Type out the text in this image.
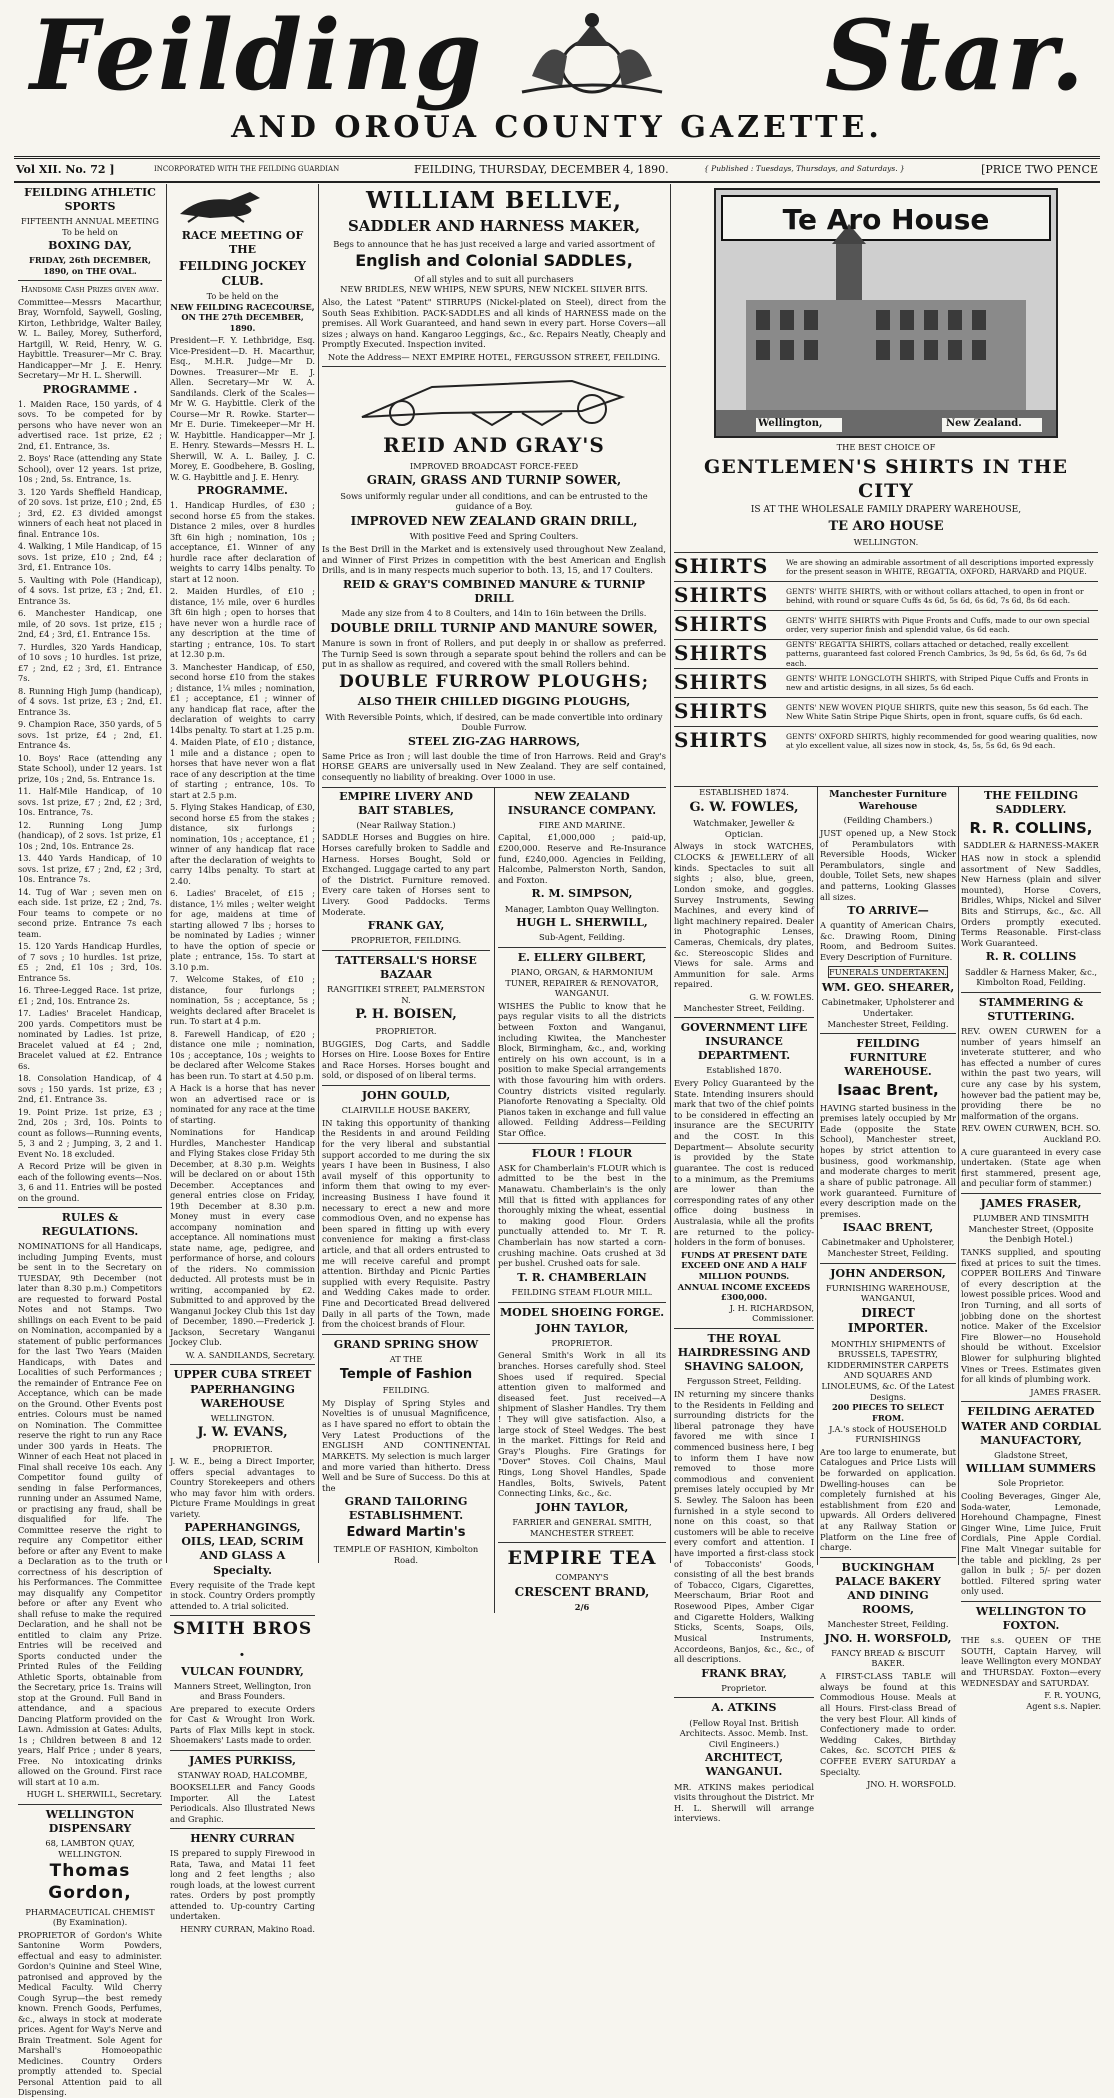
Feilding	Star.
AND OROUA COUNTY GAZETTE.
Vol XII. No. 72 ]	INCORPORATED WITH THE FEILDING GUARDIAN	FEILDING, THURSDAY, DECEMBER 4, 1890.	{ Published : Tuesdays, Thursdays, and Saturdays. }	[PRICE TWO PENCE
FEILDING ATHLETIC SPORTS
FIFTEENTH ANNUAL MEETING To be held on
BOXING DAY,
FRIDAY, 26th DECEMBER, 1890, on THE OVAL.
Handsome Cash Prizes given away.

Committee—Messrs Macarthur, Bray, Wornfold, Saywell, Gosling, Kirton, Lethbridge, Walter Bailey, W. L. Bailey, Morey, Sutherford, Hartgill, W. Reid, Henry, W. G. Haybittle. Treasurer—Mr C. Bray. Handicapper—Mr J. E. Henry. Secretary—Mr H. L. Sherwill.

PROGRAMME .

1. Maiden Race, 150 yards, of 4 sovs. To be competed for by persons who have never won an advertised race. 1st prize, £2 ; 2nd, £1. Entrance, 3s.

2. Boys' Race (attending any State School), over 12 years. 1st prize, 10s ; 2nd, 5s. Entrance, 1s.

3. 120 Yards Sheffield Handicap, of 20 sovs. 1st prize, £10 ; 2nd, £5 ; 3rd, £2. £3 divided amongst winners of each heat not placed in final. Entrance 10s.

4. Walking, 1 Mile Handicap, of 15 sovs. 1st prize, £10 ; 2nd, £4 ; 3rd, £1. Entrance 10s.

5. Vaulting with Pole (Handicap), of 4 sovs. 1st prize, £3 ; 2nd, £1. Entrance 3s.

6. Manchester Handicap, one mile, of 20 sovs. 1st prize, £15 ; 2nd, £4 ; 3rd, £1. Entrance 15s.

7. Hurdles, 320 Yards Handicap, of 10 sovs ; 10 hurdles. 1st prize, £7 ; 2nd, £2 ; 3rd, £1. Entrance 7s.

8. Running High Jump (handicap), of 4 sovs. 1st prize, £3 ; 2nd, £1. Entrance 3s.

9. Champion Race, 350 yards, of 5 sovs. 1st prize, £4 ; 2nd, £1. Entrance 4s.

10. Boys' Race (attending any State School), under 12 years. 1st prize, 10s ; 2nd, 5s. Entrance 1s.

11. Half-Mile Handicap, of 10 sovs. 1st prize, £7 ; 2nd, £2 ; 3rd, 10s. Entrance, 7s.

12. Running Long Jump (handicap), of 2 sovs. 1st prize, £1 10s ; 2nd, 10s. Entrance 2s.

13. 440 Yards Handicap, of 10 sovs. 1st prize, £7 ; 2nd, £2 ; 3rd, 10s. Entrance 7s.

14. Tug of War ; seven men on each side. 1st prize, £2 ; 2nd, 7s. Four teams to compete or no second prize. Entrance 7s each team.

15. 120 Yards Handicap Hurdles, of 7 sovs ; 10 hurdles. 1st prize, £5 ; 2nd, £1 10s ; 3rd, 10s. Entrance 5s.

16. Three-Legged Race. 1st prize, £1 ; 2nd, 10s. Entrance 2s.

17. Ladies' Bracelet Handicap, 200 yards. Competitors must be nominated by Ladies. 1st prize, Bracelet valued at £4 ; 2nd, Bracelet valued at £2. Entrance 6s.

18. Consolation Handicap, of 4 sovs ; 150 yards. 1st prize, £3 ; 2nd, £1. Entrance 3s.

19. Point Prize. 1st prize, £3 ; 2nd, 20s ; 3rd, 10s. Points to count as follows—Running events, 5, 3 and 2 ; Jumping, 3, 2 and 1. Event No. 18 excluded.

A Record Prize will be given in each of the following events—Nos. 3, 6 and 11. Entries will be posted on the ground.

RULES & REGULATIONS.

NOMINATIONS for all Handicaps, including Jumping Events, must be sent in to the Secretary on TUESDAY, 9th December (not later than 8.30 p.m.) Competitors are requested to forward Postal Notes and not Stamps. Two shillings on each Event to be paid on Nomination, accompanied by a statement of public performances for the last Two Years (Maiden Handicaps, with Dates and Localities of such Performances ; the remainder of Entrance Fee on Acceptance, which can be made on the Ground. Other Events post entries. Colours must be named on Nomination. The Committee reserve the right to run any Race under 300 yards in Heats. The Winner of each Heat not placed in Final shall receive 10s each. Any Competitor found guilty of sending in false Performances, running under an Assumed Name, or practising any fraud, shall be disqualified for life. The Committee reserve the right to require any Competitor either before or after any Event to make a Declaration as to the truth or correctness of his description of his Performances. The Committee may disqualify any Competitor before or after any Event who shall refuse to make the required Declaration, and he shall not be entitled to claim any Prize. Entries will be received and Sports conducted under the Printed Rules of the Feilding Athletic Sports, obtainable from the Secretary, price 1s. Trains will stop at the Ground. Full Band in attendance, and a spacious Dancing Platform provided on the Lawn. Admission at Gates: Adults, 1s ; Children between 8 and 12 years, Half Price ; under 8 years, Free. No intoxicating drinks allowed on the Ground. First race will start at 10 a.m.

HUGH L. SHERWILL, Secretary.
WELLINGTON DISPENSARY
68, LAMBTON QUAY, WELLINGTON.
Thomas Gordon,
PHARMACEUTICAL CHEMIST (By Examination).

PROPRIETOR of Gordon's White Santonine Worm Powders, effectual and easy to administer. Gordon's Quinine and Steel Wine, patronised and approved by the Medical Faculty. Wild Cherry Cough Syrup—the best remedy known. French Goods, Perfumes, &c., always in stock at moderate prices. Agent for Way's Nerve and Brain Treatment. Sole Agent for Marshall's Homoeopathic Medicines. Country Orders promptly attended to. Special Personal Attention paid to all Dispensing.

RACE MEETING OF THE
FEILDING JOCKEY CLUB.
To be held on the
NEW FEILDING RACECOURSE, ON THE 27th DECEMBER, 1890.

President—F. Y. Lethbridge, Esq. Vice-President—D. H. Macarthur, Esq., M.H.R. Judge—Mr D. Downes. Treasurer—Mr E. J. Allen. Secretary—Mr W. A. Sandilands. Clerk of the Scales—Mr W. G. Haybittle. Clerk of the Course—Mr R. Rowke. Starter—Mr E. Durie. Timekeeper—Mr H. W. Haybittle. Handicapper—Mr J. E. Henry. Stewards—Messrs H. L. Sherwill, W. A. L. Bailey, J. C. Morey, E. Goodbehere, B. Gosling, W. G. Haybittle and J. E. Henry.

PROGRAMME.

1. Handicap Hurdles, of £30 ; second horse £5 from the stakes. Distance 2 miles, over 8 hurdles 3ft 6in high ; nomination, 10s ; acceptance, £1. Winner of any hurdle race after declaration of weights to carry 14lbs penalty. To start at 12 noon.

2. Maiden Hurdles, of £10 ; distance, 1½ mile, over 6 hurdles 3ft 6in high ; open to horses that have never won a hurdle race of any description at the time of starting ; entrance, 10s. To start at 12.30 p.m.

3. Manchester Handicap, of £50, second horse £10 from the stakes ; distance, 1¼ miles ; nomination, £1 ; acceptance, £1 ; winner of any handicap flat race, after the declaration of weights to carry 14lbs penalty. To start at 1.25 p.m.

4. Maiden Plate, of £10 ; distance, 1 mile and a distance ; open to horses that have never won a flat race of any description at the time of starting ; entrance, 10s. To start at 2.5 p.m.

5. Flying Stakes Handicap, of £30, second horse £5 from the stakes ; distance, six furlongs ; nomination, 10s ; acceptance, £1 ; winner of any handicap flat race after the declaration of weights to carry 14lbs penalty. To start at 2.40.

6. Ladies' Bracelet, of £15 ; distance, 1½ miles ; welter weight for age, maidens at time of starting allowed 7 lbs ; horses to be nominated by Ladies ; winner to have the option of specie or plate ; entrance, 15s. To start at 3.10 p.m.

7. Welcome Stakes, of £10 ; distance, four furlongs ; nomination, 5s ; acceptance, 5s ; weights declared after Bracelet is run. To start at 4 p.m.

8. Farewell Handicap, of £20 ; distance one mile ; nomination, 10s ; acceptance, 10s ; weights to be declared after Welcome Stakes has been run. To start at 4.50 p.m.

A Hack is a horse that has never won an advertised race or is nominated for any race at the time of starting.

Nominations for Handicap Hurdles, Manchester Handicap and Flying Stakes close Friday 5th December, at 8.30 p.m. Weights will be declared on or about 15th December. Acceptances and general entries close on Friday, 19th December at 8.30 p.m. Money must in every case accompany nomination and acceptance. All nominations must state name, age, pedigree, and performance of horse, and colours of the riders. No commission deducted. All protests must be in writing, accompanied by £2. Submitted to and approved by the Wanganui Jockey Club this 1st day of December, 1890.—Frederick J. Jackson, Secretary Wanganui Jockey Club.

W. A. SANDILANDS, Secretary.
UPPER CUBA STREET PAPERHANGING WAREHOUSE
WELLINGTON.
J. W. EVANS,
PROPRIETOR.

J. W. E., being a Direct Importer, offers special advantages to Country Storekeepers and others who may favor him with orders. Picture Frame Mouldings in great variety.

PAPERHANGINGS, OILS, LEAD, SCRIM AND GLASS A Specialty.

Every requisite of the Trade kept in stock. Country Orders promptly attended to. A trial solicited.

SMITH BROS .
VULCAN FOUNDRY,
Manners Street, Wellington, Iron and Brass Founders.

Are prepared to execute Orders for Cast & Wrought Iron Work. Parts of Flax Mills kept in stock. Shoemakers' Lasts made to order.

JAMES PURKISS,
STANWAY ROAD, HALCOMBE,

BOOKSELLER and Fancy Goods Importer. All the Latest Periodicals. Also Illustrated News and Graphic.

HENRY CURRAN

IS prepared to supply Firewood in Rata, Tawa, and Matai 11 feet long and 2 feet lengths ; also rough loads, at the lowest current rates. Orders by post promptly attended to. Up-country Carting undertaken.

HENRY CURRAN, Makino Road.
WILLIAM BELLVE,
SADDLER AND HARNESS MAKER,
Begs to announce that he has just received a large and varied assortment of
English and Colonial SADDLES,
Of all styles and to suit all purchasers
NEW BRIDLES, NEW WHIPS, NEW SPURS, NEW NICKEL SILVER BITS.

Also, the Latest "Patent" STIRRUPS (Nickel-plated on Steel), direct from the South Seas Exhibition. PACK-SADDLES and all kinds of HARNESS made on the premises. All Work Guaranteed, and hand sewn in every part. Horse Covers—all sizes ; always on hand. Kangaroo Leggings, &c., &c. Repairs Neatly, Cheaply and Promptly Executed. Inspection invited.

Note the Address— NEXT EMPIRE HOTEL, FERGUSSON STREET, FEILDING.
REID AND GRAY'S
IMPROVED BROADCAST FORCE-FEED
GRAIN, GRASS AND TURNIP SOWER,
Sows uniformly regular under all conditions, and can be entrusted to the guidance of a Boy.
IMPROVED NEW ZEALAND GRAIN DRILL,
With positive Feed and Spring Coulters.

Is the Best Drill in the Market and is extensively used throughout New Zealand, and Winner of First Prizes in competition with the best American and English Drills, and is in many respects much superior to both. 13, 15, and 17 Coulters.

REID & GRAY'S COMBINED MANURE & TURNIP DRILL
Made any size from 4 to 8 Coulters, and 14in to 16in between the Drills.
DOUBLE DRILL TURNIP AND MANURE SOWER,

Manure is sown in front of Rollers, and put deeply in or shallow as preferred. The Turnip Seed is sown through a separate spout behind the rollers and can be put in as shallow as required, and covered with the small Rollers behind.

DOUBLE FURROW PLOUGHS;
ALSO THEIR CHILLED DIGGING PLOUGHS,
With Reversible Points, which, if desired, can be made convertible into ordinary Double Furrow.
STEEL ZIG-ZAG HARROWS,

Same Price as Iron ; will last double the time of Iron Harrows. Reid and Gray's HORSE GEARS are universally used in New Zealand. They are self contained, consequently no liability of breaking. Over 1000 in use.

EMPIRE LIVERY AND BAIT STABLES,
(Near Railway Station.)

SADDLE Horses and Buggies on hire. Horses carefully broken to Saddle and Harness. Horses Bought, Sold or Exchanged. Luggage carted to any part of the District. Furniture removed. Every care taken of Horses sent to Livery. Good Paddocks. Terms Moderate.

FRANK GAY,
PROPRIETOR, FEILDING.
TATTERSALL'S HORSE BAZAAR
RANGITIKEI STREET, PALMERSTON N.
P. H. BOISEN,
PROPRIETOR.

BUGGIES, Dog Carts, and Saddle Horses on Hire. Loose Boxes for Entire and Race Horses. Horses bought and sold, or disposed of on liberal terms.

JOHN GOULD,
CLAIRVILLE HOUSE BAKERY,

IN taking this opportunity of thanking the Residents in and around Feilding for the very liberal and substantial support accorded to me during the six years I have been in Business, I also avail myself of this opportunity to inform them that owing to my ever-increasing Business I have found it necessary to erect a new and more commodious Oven, and no expense has been spared in fitting up with every convenience for making a first-class article, and that all orders entrusted to me will receive careful and prompt attention. Birthday and Picnic Parties supplied with every Requisite. Pastry and Wedding Cakes made to order. Fine and Decorticated Bread delivered Daily in all parts of the Town, made from the choicest brands of Flour.

GRAND SPRING SHOW
AT THE
Temple of Fashion
FEILDING.

My Display of Spring Styles and Novelties is of unusual Magnificence, as I have spared no effort to obtain the Very Latest Productions of the ENGLISH AND CONTINENTAL MARKETS. My selection is much larger and more varied than hitherto. Dress Well and be Sure of Success. Do this at the

GRAND TAILORING ESTABLISHMENT.
Edward Martin's
TEMPLE OF FASHION, Kimbolton Road.
NEW ZEALAND INSURANCE COMPANY.
FIRE AND MARINE.

Capital, £1,000,000 ; paid-up, £200,000. Reserve and Re-Insurance fund, £240,000. Agencies in Feilding, Halcombe, Palmerston North, Sandon, and Foxton.

R. M. SIMPSON,
Manager, Lambton Quay Wellington.
HUGH L. SHERWILL,
Sub-Agent, Feilding.
E. ELLERY GILBERT,
PIANO, ORGAN, & HARMONIUM TUNER, REPAIRER & RENOVATOR, WANGANUI.

WISHES the Public to know that he pays regular visits to all the districts between Foxton and Wanganui, including Kiwitea, the Manchester Block, Birmingham, &c., and, working entirely on his own account, is in a position to make Special arrangements with those favouring him with orders. Country districts visited regularly. Pianoforte Renovating a Specialty. Old Pianos taken in exchange and full value allowed. Feilding Address—Feilding Star Office.

FLOUR ! FLOUR

ASK for Chamberlain's FLOUR which is admitted to be the best in the Manawatu. Chamberlain's is the only Mill that is fitted with appliances for thoroughly mixing the wheat, essential to making good Flour. Orders punctually attended to. Mr T. R. Chamberlain has now started a corn-crushing machine. Oats crushed at 3d per bushel. Crushed oats for sale.

T. R. CHAMBERLAIN
FEILDING STEAM FLOUR MILL.
MODEL SHOEING FORGE.
JOHN TAYLOR,
PROPRIETOR.

General Smith's Work in all its branches. Horses carefully shod. Steel Shoes used if required. Special attention given to malformed and diseased feet. Just received—A shipment of Slasher Handles. Try them ! They will give satisfaction. Also, a large stock of Steel Wedges. The best in the market. Fittings for Reid and Gray's Ploughs. Fire Gratings for "Dover" Stoves. Coil Chains, Maul Rings, Long Shovel Handles, Spade Handles, Bolts, Swivels, Patent Connecting Links, &c., &c.

JOHN TAYLOR,
FARRIER and GENERAL SMITH, MANCHESTER STREET.
EMPIRE TEA
COMPANY'S
CRESCENT BRAND,
2/6
Te Aro House
Wellington,	New Zealand.
THE BEST CHOICE OF
GENTLEMEN'S SHIRTS IN THE CITY
IS AT THE WHOLESALE FAMILY DRAPERY WAREHOUSE,
TE ARO HOUSE
WELLINGTON.
SHIRTS	We are showing an admirable assortment of all descriptions imported expressly for the present season in WHITE, REGATTA, OXFORD, HARVARD and PIQUE.
SHIRTS	GENTS' WHITE SHIRTS, with or without collars attached, to open in front or behind, with round or square Cuffs 4s 6d, 5s 6d, 6s 6d, 7s 6d, 8s 6d each.
SHIRTS	GENTS' WHITE SHIRTS with Pique Fronts and Cuffs, made to our own special order, very superior finish and splendid value, 6s 6d each.
SHIRTS	GENTS' REGATTA SHIRTS, collars attached or detached, really excellent patterns, guaranteed fast colored French Cambrics, 3s 9d, 5s 6d, 6s 6d, 7s 6d each.
SHIRTS	GENTS' WHITE LONGCLOTH SHIRTS, with Striped Pique Cuffs and Fronts in new and artistic designs, in all sizes, 5s 6d each.
SHIRTS	GENTS' NEW WOVEN PIQUE SHIRTS, quite new this season, 5s 6d each. The New White Satin Stripe Pique Shirts, open in front, square cuffs, 6s 6d each.
SHIRTS	GENTS' OXFORD SHIRTS, highly recommended for good wearing qualities, now at ylo excellent value, all sizes now in stock, 4s, 5s, 5s 6d, 6s 9d each.
ESTABLISHED 1874.
G. W. FOWLES,
Watchmaker, Jeweller & Optician.

Always in stock WATCHES, CLOCKS & JEWELLERY of all kinds. Spectacles to suit all sights ; also, blue, green, London smoke, and goggles. Survey Instruments, Sewing Machines, and every kind of light machinery repaired. Dealer in Photographic Lenses, Cameras, Chemicals, dry plates, &c. Stereoscopic Slides and Views for sale. Arms and Ammunition for sale. Arms repaired.

G. W. FOWLES.
Manchester Street, Feilding.
GOVERNMENT LIFE INSURANCE DEPARTMENT.
Established 1870.

Every Policy Guaranteed by the State. Intending insurers should mark that two of the chief points to be considered in effecting an insurance are the SECURITY and the COST. In this Department— Absolute security is provided by the State guarantee. The cost is reduced to a minimum, as the Premiums are lower than the corresponding rates of any other office doing business in Australasia, while all the profits are returned to the policy-holders in the form of bonuses.

FUNDS AT PRESENT DATE EXCEED ONE AND A HALF MILLION POUNDS.
ANNUAL INCOME EXCEEDS £300,000.
J. H. RICHARDSON, Commissioner.
THE ROYAL HAIRDRESSING AND SHAVING SALOON,
Fergusson Street, Feilding.

IN returning my sincere thanks to the Residents in Feilding and surrounding districts for the liberal patronage they have favored me with since I commenced business here, I beg to inform them I have now removed to those more commodious and convenient premises lately occupied by Mr S. Sewley. The Saloon has been furnished in a style second to none on this coast, so that customers will be able to receive every comfort and attention. I have imported a first-class stock of Tobacconists' Goods, consisting of all the best brands of Tobacco, Cigars, Cigarettes, Meerschaum, Briar Root and Rosewood Pipes, Amber Cigar and Cigarette Holders, Walking Sticks, Scents, Soaps, Oils, Musical Instruments, Accordeons, Banjos, &c., &c., of all descriptions.

FRANK BRAY,
Proprietor.
A. ATKINS
(Fellow Royal Inst. British Architects. Assoc. Memb. Inst. Civil Engineers.)
ARCHITECT, WANGANUI.

MR. ATKINS makes periodical visits throughout the District. Mr H. L. Sherwill will arrange interviews.

Manchester Furniture Warehouse
(Feilding Chambers.)

JUST opened up, a New Stock of Perambulators with Reversible Hoods, Wicker Perambulators, single and double, Toilet Sets, new shapes and patterns, Looking Glasses all sizes.

TO ARRIVE—

A quantity of American Chairs, &c. Drawing Room, Dining Room, and Bedroom Suites. Every Description of Furniture.

FUNERALS UNDERTAKEN.
WM. GEO. SHEARER,
Cabinetmaker, Upholsterer and Undertaker.
Manchester Street, Feilding.
FEILDING FURNITURE WAREHOUSE.
Isaac Brent,

HAVING started business in the premises lately occupied by Mr Eade (opposite the State School), Manchester street, hopes by strict attention to business, good workmanship, and moderate charges to merit a share of public patronage. All work guaranteed. Furniture of every description made on the premises.

ISAAC BRENT,
Cabinetmaker and Upholsterer, Manchester Street, Feilding.
JOHN ANDERSON,
FURNISHING WAREHOUSE, WANGANUI,
DIRECT IMPORTER.
MONTHLY SHIPMENTS of BRUSSELS, TAPESTRY, KIDDERMINSTER CARPETS AND SQUARES AND LINOLEUMS, &c. Of the Latest Designs.
200 PIECES TO SELECT FROM.
J.A.'s stock of HOUSEHOLD FURNISHINGS

Are too large to enumerate, but Catalogues and Price Lists will be forwarded on application. Dwelling-houses can be completely furnished at his establishment from £20 and upwards. All Orders delivered at any Railway Station or Platform on the Line free of charge.

BUCKINGHAM PALACE BAKERY AND DINING ROOMS,
Manchester Street, Feilding.
JNO. H. WORSFOLD,
FANCY BREAD & BISCUIT BAKER.

A FIRST-CLASS TABLE will always be found at this Commodious House. Meals at all Hours. First-class Bread of the very best Flour. All kinds of Confectionery made to order. Wedding Cakes, Birthday Cakes, &c. SCOTCH PIES & COFFEE EVERY SATURDAY a Specialty.

JNO. H. WORSFOLD.
THE FEILDING SADDLERY.
R. R. COLLINS,
SADDLER & HARNESS-MAKER

HAS now in stock a splendid assortment of New Saddles, New Harness (plain and silver mounted), Horse Covers, Bridles, Whips, Nickel and Silver Bits and Stirrups, &c., &c. All Orders promptly executed. Terms Reasonable. First-class Work Guaranteed.

R. R. COLLINS
Saddler & Harness Maker, &c.,
Kimbolton Road, Feilding.
STAMMERING & STUTTERING.

REV. OWEN CURWEN for a number of years himself an inveterate stutterer, and who has effected a number of cures within the past two years, will cure any case by his system, however bad the patient may be, providing there be no malformation of the organs.

REV. OWEN CURWEN, BCH. SO.
Auckland P.O.

A cure guaranteed in every case undertaken. (State age when first stammered, present age, and peculiar form of stammer.)

JAMES FRASER,
PLUMBER AND TINSMITH
Manchester Street, (Opposite the Denbigh Hotel.)

TANKS supplied, and spouting fixed at prices to suit the times. COPPER BOILERS And Tinware of every description at the lowest possible prices. Wood and Iron Turning, and all sorts of jobbing done on the shortest notice. Maker of the Excelsior Fire Blower—no Household should be without. Excelsior Blower for sulphuring blighted Vines or Trees. Estimates given for all kinds of plumbing work.

JAMES FRASER.
FEILDING AERATED WATER AND CORDIAL MANUFACTORY,
Gladstone Street,
WILLIAM SUMMERS
Sole Proprietor.

Cooling Beverages, Ginger Ale, Soda-water, Lemonade, Horehound Champagne, Finest Ginger Wine, Lime Juice, Fruit Cordials, Pine Apple Cordial. Fine Malt Vinegar suitable for the table and pickling, 2s per gallon in bulk ; 5/- per dozen bottled. Filtered spring water only used.

WELLINGTON TO FOXTON.

THE s.s. QUEEN OF THE SOUTH, Captain Harvey, will leave Wellington every MONDAY and THURSDAY. Foxton—every WEDNESDAY and SATURDAY.

F. R. YOUNG,
Agent s.s. Napier.
